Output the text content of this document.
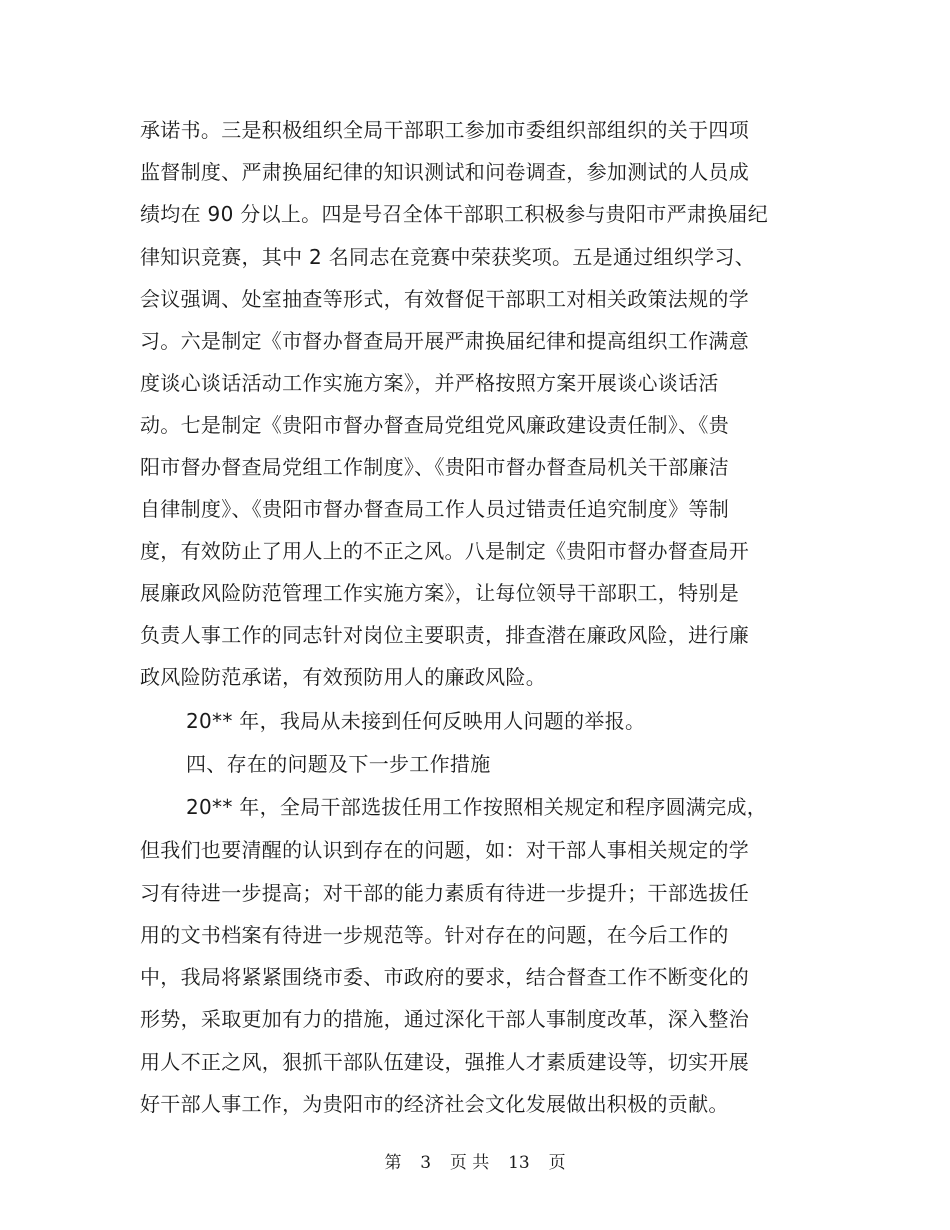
承诺书。三是积极组织全局干部职工参加市委组织部组织的关于四项
监督制度、严肃换届纪律的知识测试和问卷调查，参加测试的人员成
绩均在 90 分以上。四是号召全体干部职工积极参与贵阳市严肃换届纪
律知识竞赛，其中 2 名同志在竞赛中荣获奖项。五是通过组织学习、
会议强调、处室抽查等形式，有效督促干部职工对相关政策法规的学
习。六是制定《市督办督查局开展严肃换届纪律和提高组织工作满意
度谈心谈话活动工作实施方案》，并严格按照方案开展谈心谈话活
动。七是制定《贵阳市督办督查局党组党风廉政建设责任制》、《贵
阳市督办督查局党组工作制度》、《贵阳市督办督查局机关干部廉洁
自律制度》、《贵阳市督办督查局工作人员过错责任追究制度》等制
度，有效防止了用人上的不正之风。八是制定《贵阳市督办督查局开
展廉政风险防范管理工作实施方案》，让每位领导干部职工，特别是
负责人事工作的同志针对岗位主要职责，排查潜在廉政风险，进行廉
政风险防范承诺，有效预防用人的廉政风险。
20** 年，我局从未接到任何反映用人问题的举报。
四、存在的问题及下一步工作措施
20** 年，全局干部选拔任用工作按照相关规定和程序圆满完成，
但我们也要清醒的认识到存在的问题，如：对干部人事相关规定的学
习有待进一步提高；对干部的能力素质有待进一步提升；干部选拔任
用的文书档案有待进一步规范等。针对存在的问题，在今后工作的
中，我局将紧紧围绕市委、市政府的要求，结合督查工作不断变化的
形势，采取更加有力的措施，通过深化干部人事制度改革，深入整治
用人不正之风，狠抓干部队伍建设，强推人才素质建设等，切实开展
好干部人事工作，为贵阳市的经济社会文化发展做出积极的贡献。
第 3 页 共 13 页
